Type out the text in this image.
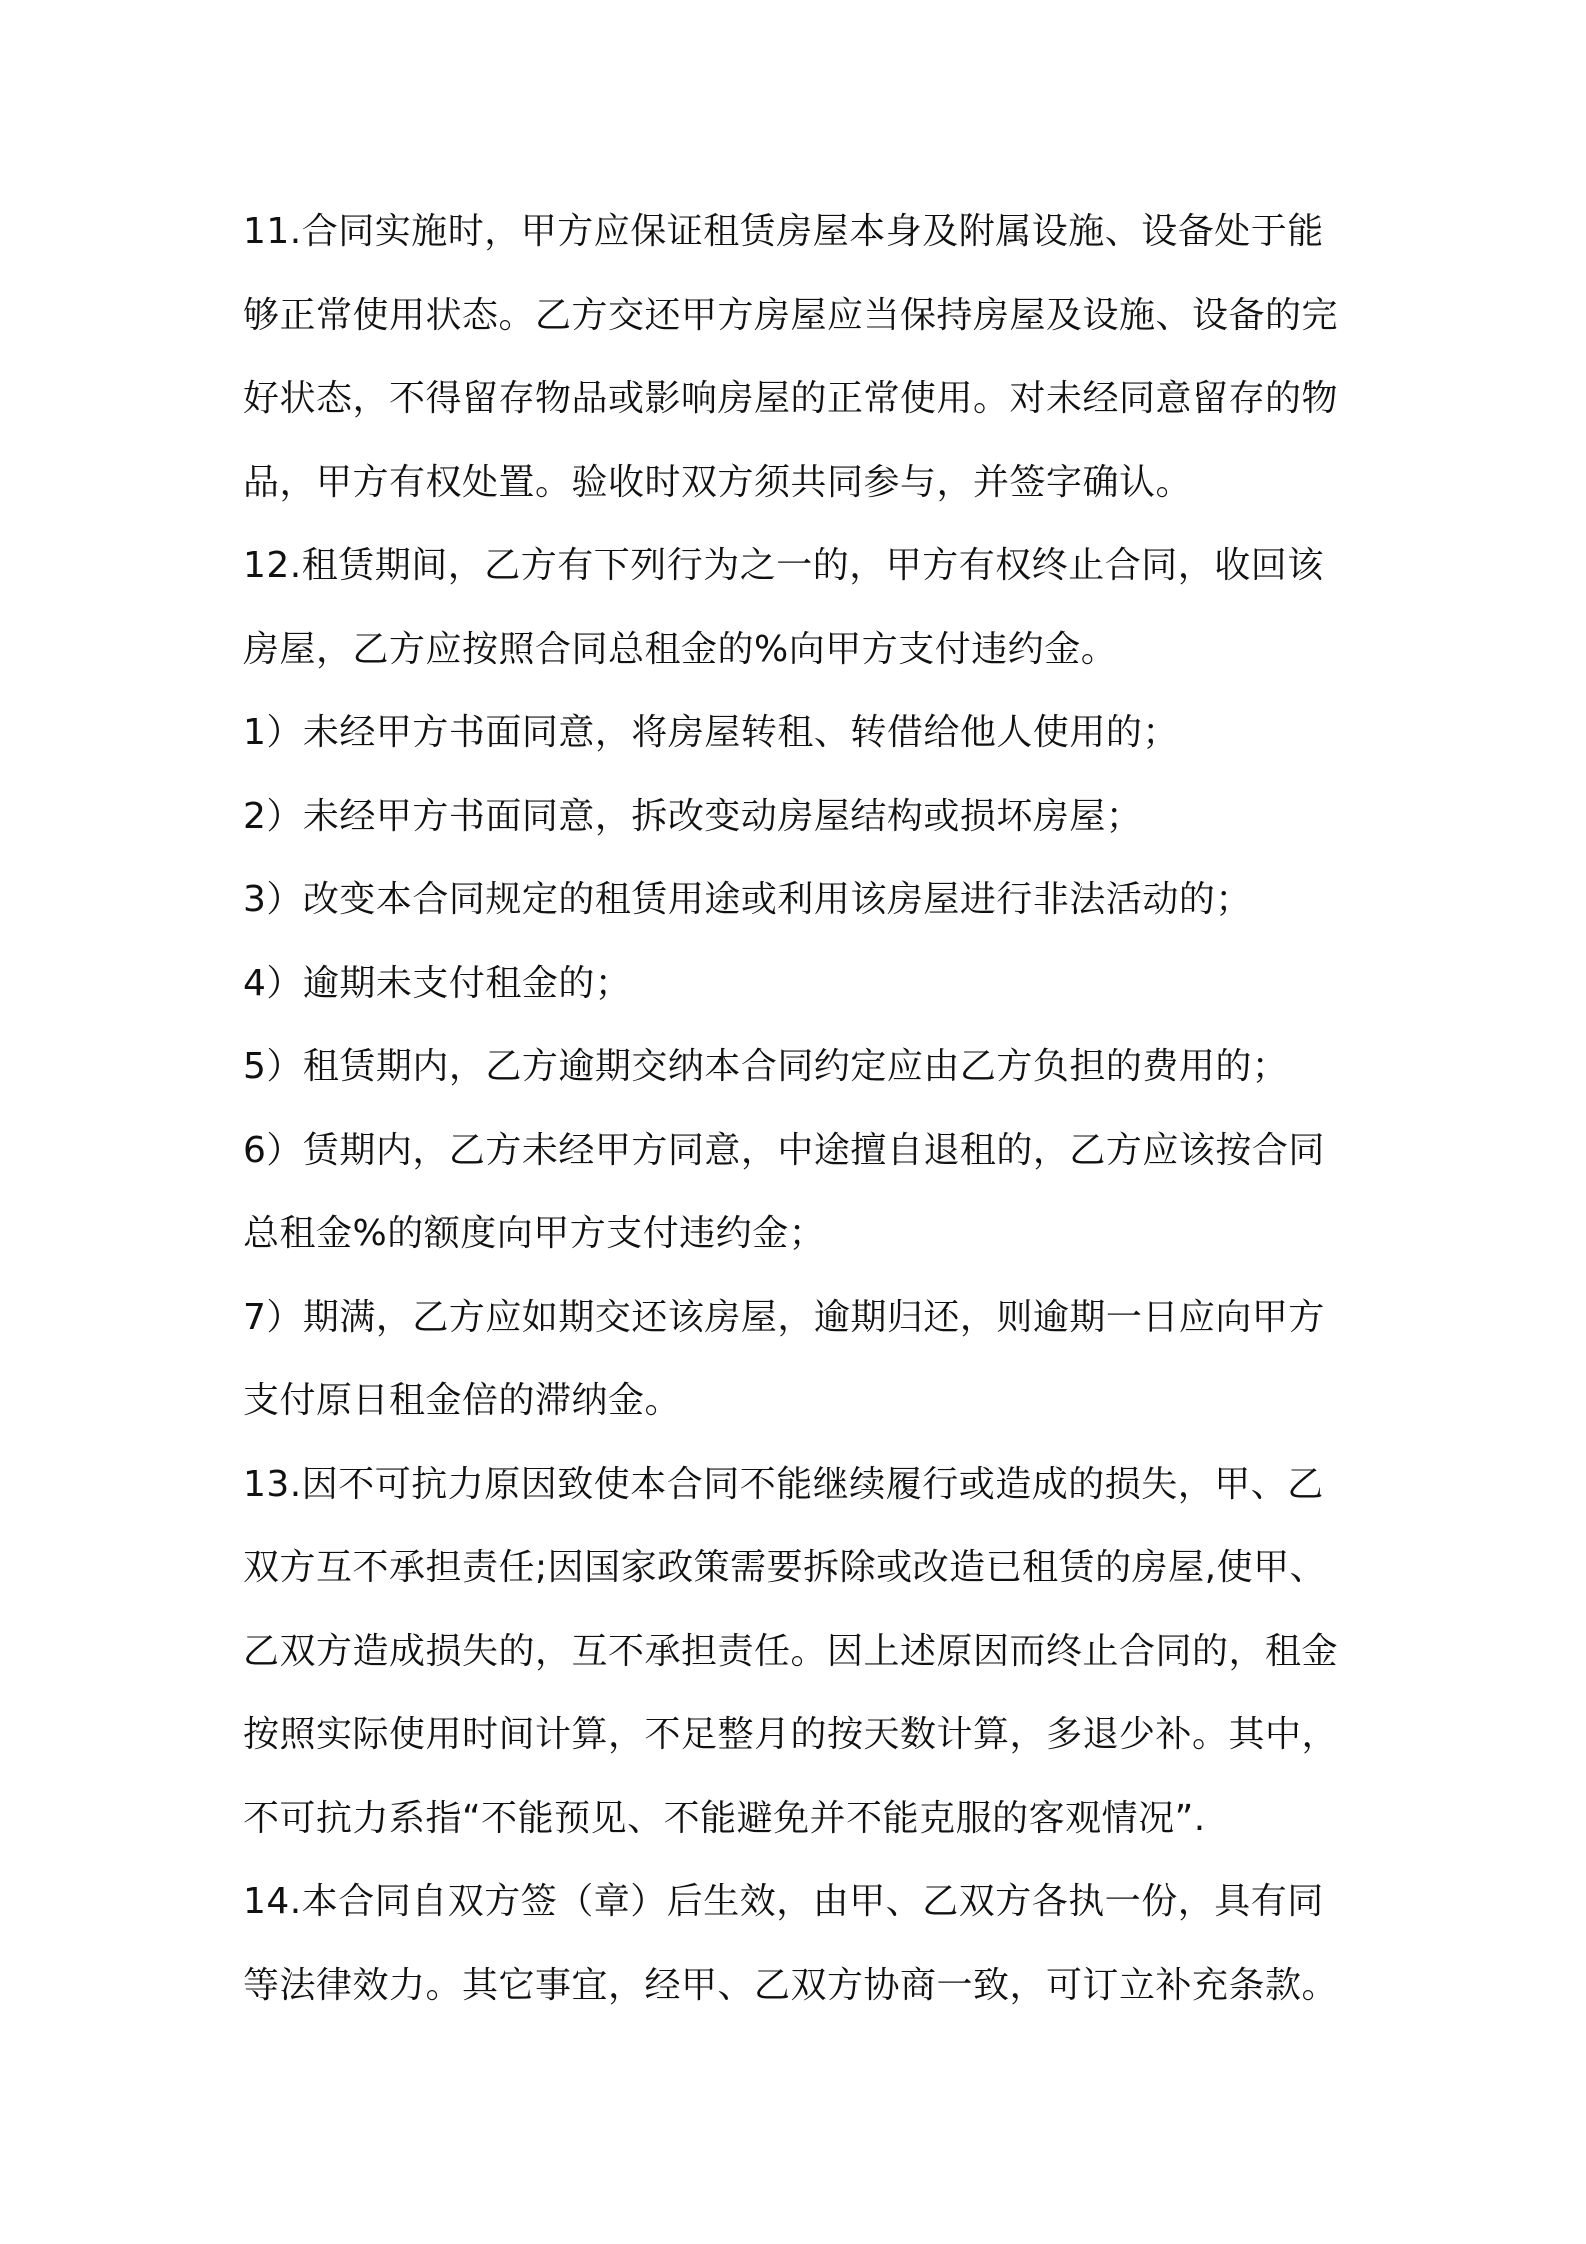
11.合同实施时，甲方应保证租赁房屋本身及附属设施、设备处于能
够正常使用状态。乙方交还甲方房屋应当保持房屋及设施、设备的完
好状态，不得留存物品或影响房屋的正常使用。对未经同意留存的物
品，甲方有权处置。验收时双方须共同参与，并签字确认。
12.租赁期间，乙方有下列行为之一的，甲方有权终止合同，收回该
房屋，乙方应按照合同总租金的%向甲方支付违约金。
1）未经甲方书面同意，将房屋转租、转借给他人使用的；
2）未经甲方书面同意，拆改变动房屋结构或损坏房屋；
3）改变本合同规定的租赁用途或利用该房屋进行非法活动的；
4）逾期未支付租金的；
5）租赁期内，乙方逾期交纳本合同约定应由乙方负担的费用的；
6）赁期内，乙方未经甲方同意，中途擅自退租的，乙方应该按合同
总租金%的额度向甲方支付违约金；
7）期满，乙方应如期交还该房屋，逾期归还，则逾期一日应向甲方
支付原日租金倍的滞纳金。
13.因不可抗力原因致使本合同不能继续履行或造成的损失，甲、乙
双方互不承担责任;因国家政策需要拆除或改造已租赁的房屋,使甲、
乙双方造成损失的，互不承担责任。因上述原因而终止合同的，租金
按照实际使用时间计算，不足整月的按天数计算，多退少补。其中，
不可抗力系指“不能预见、不能避免并不能克服的客观情况”.
14.本合同自双方签（章）后生效，由甲、乙双方各执一份，具有同
等法律效力。其它事宜，经甲、乙双方协商一致，可订立补充条款。
